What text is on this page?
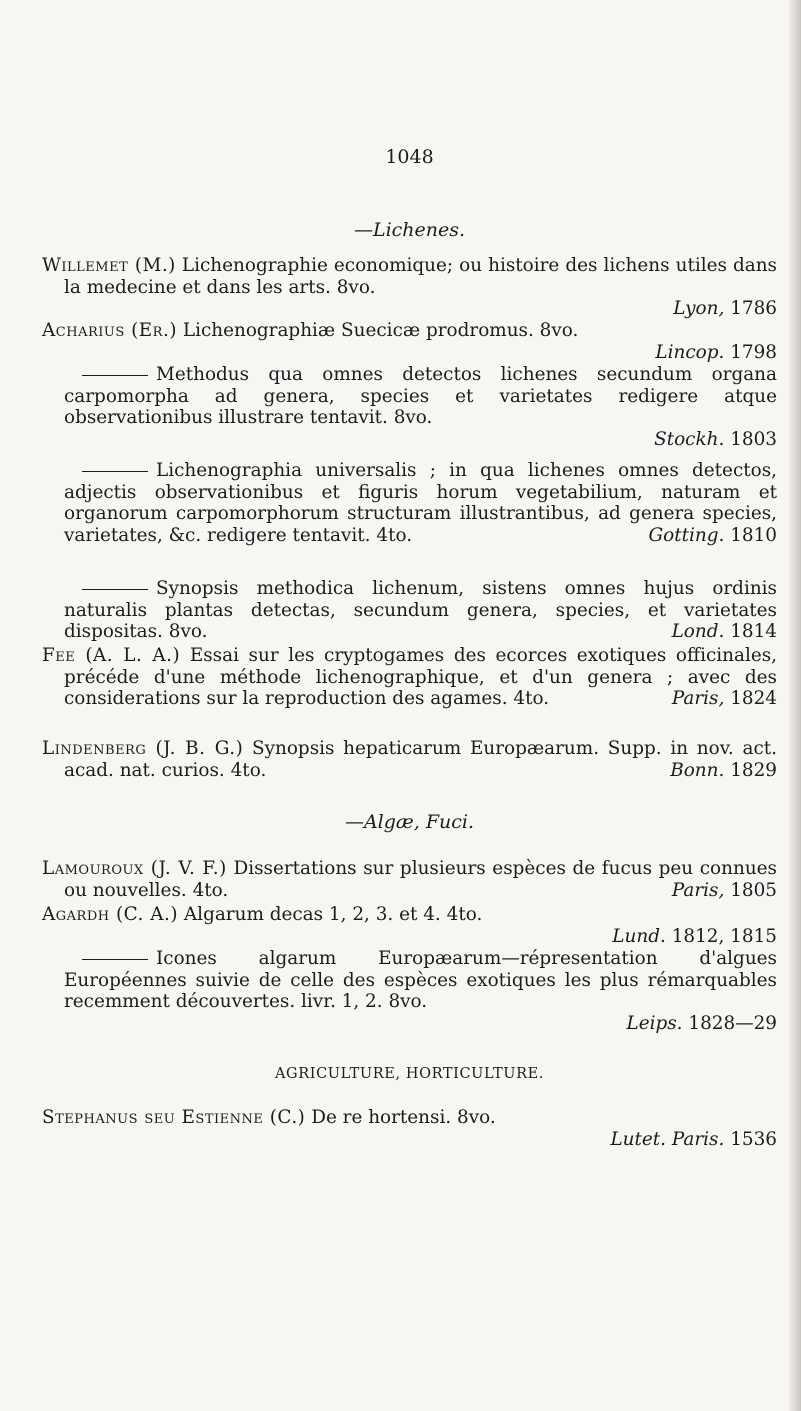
1048
—Lichenes.

Willemet (M.) Lichenographie economique; ou histoire des lichens utiles dans la medecine et dans les arts. 8vo.

Lyon, 1786

Acharius (Er.) Lichenographiæ Suecicæ prodromus. 8vo.

Lincop. 1798

Methodus qua omnes detectos lichenes secundum organa carpomorpha ad genera, species et varietates redigere atque observationibus illustrare tentavit. 8vo.

Stockh. 1803

Lichenographia universalis ; in qua lichenes omnes detectos, adjectis observationibus et figuris horum vegetabilium, naturam et organorum carpomorphorum structuram illustrantibus, ad genera species, varietates, &c. redigere tentavit. 4to.	Gotting. 1810

Synopsis methodica lichenum, sistens omnes hujus ordinis naturalis plantas detectas, secundum genera, species, et varietates dispositas. 8vo.	Lond. 1814

Fee (A. L. A.) Essai sur les cryptogames des ecorces exotiques officinales, précéde d'une méthode lichenographique, et d'un genera ; avec des considerations sur la reproduction des agames. 4to.	Paris, 1824

Lindenberg (J. B. G.) Synopsis hepaticarum Europæarum. Supp. in nov. act. acad. nat. curios. 4to.	Bonn. 1829

—Algæ, Fuci.

Lamouroux (J. V. F.) Dissertations sur plusieurs espèces de fucus peu connues ou nouvelles. 4to.	Paris, 1805

Agardh (C. A.) Algarum decas 1, 2, 3. et 4. 4to.

Lund. 1812, 1815

Icones algarum Europæarum—répresentation d'algues Européennes suivie de celle des espèces exotiques les plus rémarquables recemment découvertes. livr. 1, 2. 8vo.

Leips. 1828—29

AGRICULTURE, HORTICULTURE.

Stephanus seu Estienne (C.) De re hortensi. 8vo.

Lutet. Paris. 1536
